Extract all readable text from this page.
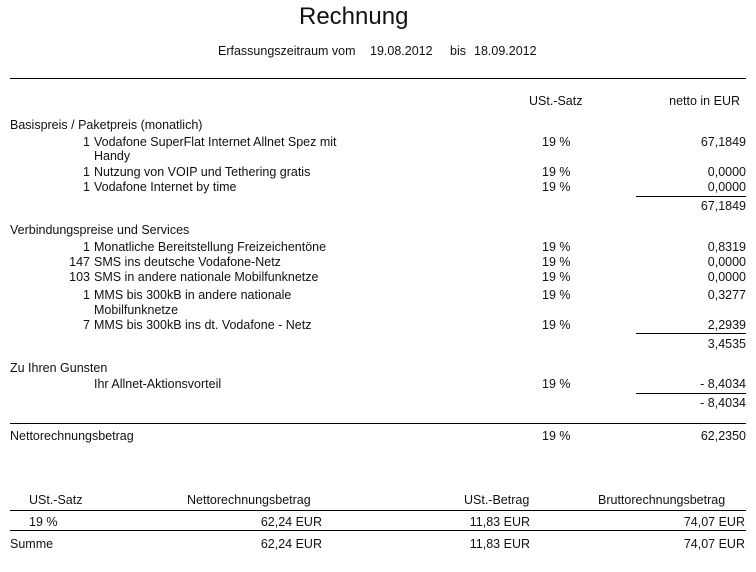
Rechnung
Erfassungszeitraum vom 19.08.2012 bis 18.09.2012
USt.-Satz	netto in EUR
Basispreis / Paketpreis (monatlich)
1 Vodafone SuperFlat Internet Allnet Spez mit
Handy
19 %	67,1849
1 Nutzung von VOIP und Tethering gratis	19 %	0,0000
1 Vodafone Internet by time	19 %	0,0000
67,1849
Verbindungspreise und Services
1 Monatliche Bereitstellung Freizeichentöne	19 %	0,8319
147 SMS ins deutsche Vodafone-Netz	19 %	0,0000
103 SMS in andere nationale Mobilfunknetze	19 %	0,0000
1 MMS bis 300kB in andere nationale
Mobilfunknetze
19 %	0,3277
7 MMS bis 300kB ins dt. Vodafone - Netz	19 %	2,2939
3,4535
Zu Ihren Gunsten
Ihr Allnet-Aktionsvorteil	19 %	- 8,4034
- 8,4034
Nettorechnungsbetrag	19 %	62,2350
USt.-Satz	Nettorechnungsbetrag	USt.-Betrag	Bruttorechnungsbetrag
19 %	62,24 EUR	11,83 EUR	74,07 EUR
Summe	62,24 EUR	11,83 EUR	74,07 EUR
